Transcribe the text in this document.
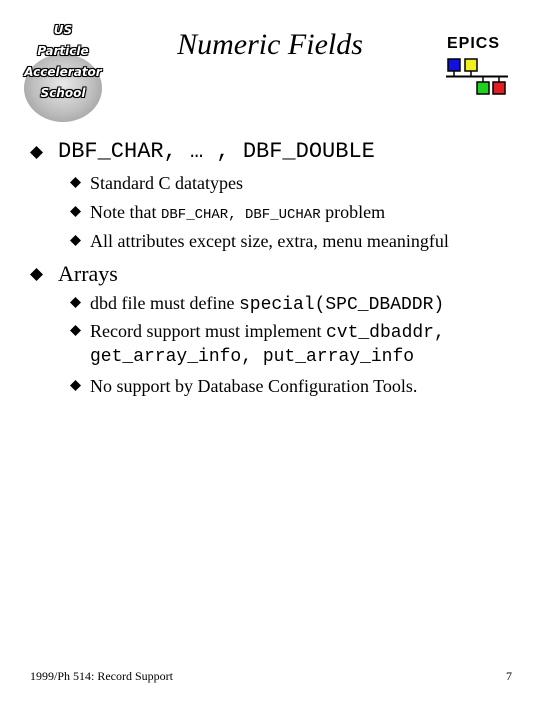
US
Particle
Accelerator
School
Numeric Fields	EPICS
DBF_CHAR, … , DBF_DOUBLE
Standard C datatypes
Note that DBF_CHAR, DBF_UCHAR problem
All attributes except size, extra, menu meaningful
Arrays
dbd file must define special(SPC_DBADDR)
Record support must implement cvt_dbaddr,
get_array_info, put_array_info
No support by Database Configuration Tools.
1999/Ph 514: Record Support	7
